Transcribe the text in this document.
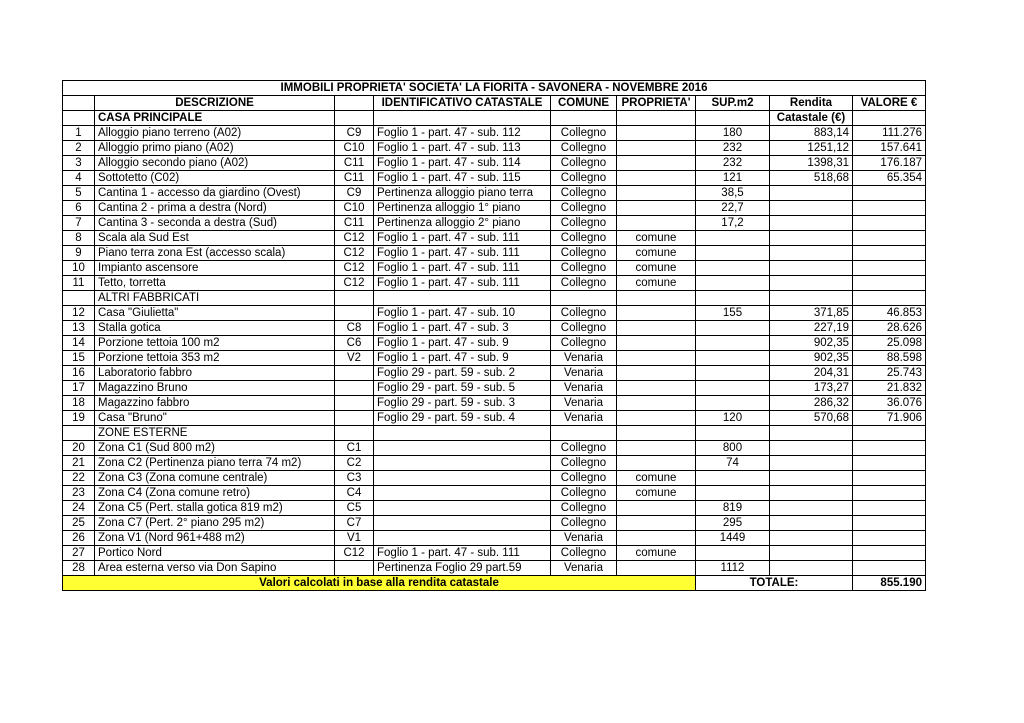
IMMOBILI PROPRIETA' SOCIETA' LA FIORITA - SAVONERA - NOVEMBRE 2016								
	DESCRIZIONE		IDENTIFICATIVO CATASTALE	COMUNE	PROPRIETA'	SUP.m2	Rendita	VALORE €
	CASA PRINCIPALE						Catastale (€)	
1	Alloggio piano terreno (A02)	C9	Foglio 1 - part. 47 - sub. 112	Collegno		180	883,14	111.276
2	Alloggio primo piano (A02)	C10	Foglio 1 - part. 47 - sub. 113	Collegno		232	1251,12	157.641
3	Alloggio secondo piano (A02)	C11	Foglio 1 - part. 47 - sub. 114	Collegno		232	1398,31	176.187
4	Sottotetto (C02)	C11	Foglio 1 - part. 47 - sub. 115	Collegno		121	518,68	65.354
5	Cantina 1 - accesso da giardino (Ovest)	C9	Pertinenza alloggio piano terra	Collegno		38,5		
6	Cantina 2 - prima a destra (Nord)	C10	Pertinenza alloggio 1° piano	Collegno		22,7		
7	Cantina 3 - seconda a destra (Sud)	C11	Pertinenza alloggio 2° piano	Collegno		17,2		
8	Scala ala Sud Est	C12	Foglio 1 - part. 47 - sub. 111	Collegno	comune			
9	Piano terra zona Est (accesso scala)	C12	Foglio 1 - part. 47 - sub. 111	Collegno	comune			
10	Impianto ascensore	C12	Foglio 1 - part. 47 - sub. 111	Collegno	comune			
11	Tetto, torretta	C12	Foglio 1 - part. 47 - sub. 111	Collegno	comune			
	ALTRI FABBRICATI							
12	Casa "Giulietta"		Foglio 1 - part. 47 - sub. 10	Collegno		155	371,85	46.853
13	Stalla gotica	C8	Foglio 1 - part. 47 - sub. 3	Collegno			227,19	28.626
14	Porzione tettoia 100 m2	C6	Foglio 1 - part. 47 - sub. 9	Collegno			902,35	25.098
15	Porzione tettoia 353 m2	V2	Foglio 1 - part. 47 - sub. 9	Venaria			902,35	88.598
16	Laboratorio fabbro		Foglio 29 - part. 59 - sub. 2	Venaria			204,31	25.743
17	Magazzino Bruno		Foglio 29 - part. 59 - sub. 5	Venaria			173,27	21.832
18	Magazzino fabbro		Foglio 29 - part. 59 - sub. 3	Venaria			286,32	36.076
19	Casa "Bruno"		Foglio 29 - part. 59 - sub. 4	Venaria		120	570,68	71.906
	ZONE ESTERNE							
20	Zona C1 (Sud 800 m2)	C1		Collegno		800		
21	Zona C2 (Pertinenza piano terra 74 m2)	C2		Collegno		74		
22	Zona C3 (Zona comune centrale)	C3		Collegno	comune			
23	Zona C4 (Zona comune retro)	C4		Collegno	comune			
24	Zona C5 (Pert. stalla gotica 819 m2)	C5		Collegno		819		
25	Zona C7 (Pert. 2° piano 295 m2)	C7		Collegno		295		
26	Zona V1 (Nord 961+488 m2)	V1		Venaria		1449		
27	Portico Nord	C12	Foglio 1 - part. 47 - sub. 111	Collegno	comune			
28	Area esterna verso via Don Sapino		Pertinenza Foglio 29 part.59	Venaria		1112		
Valori calcolati in base alla rendita catastale						TOTALE:		855.190
